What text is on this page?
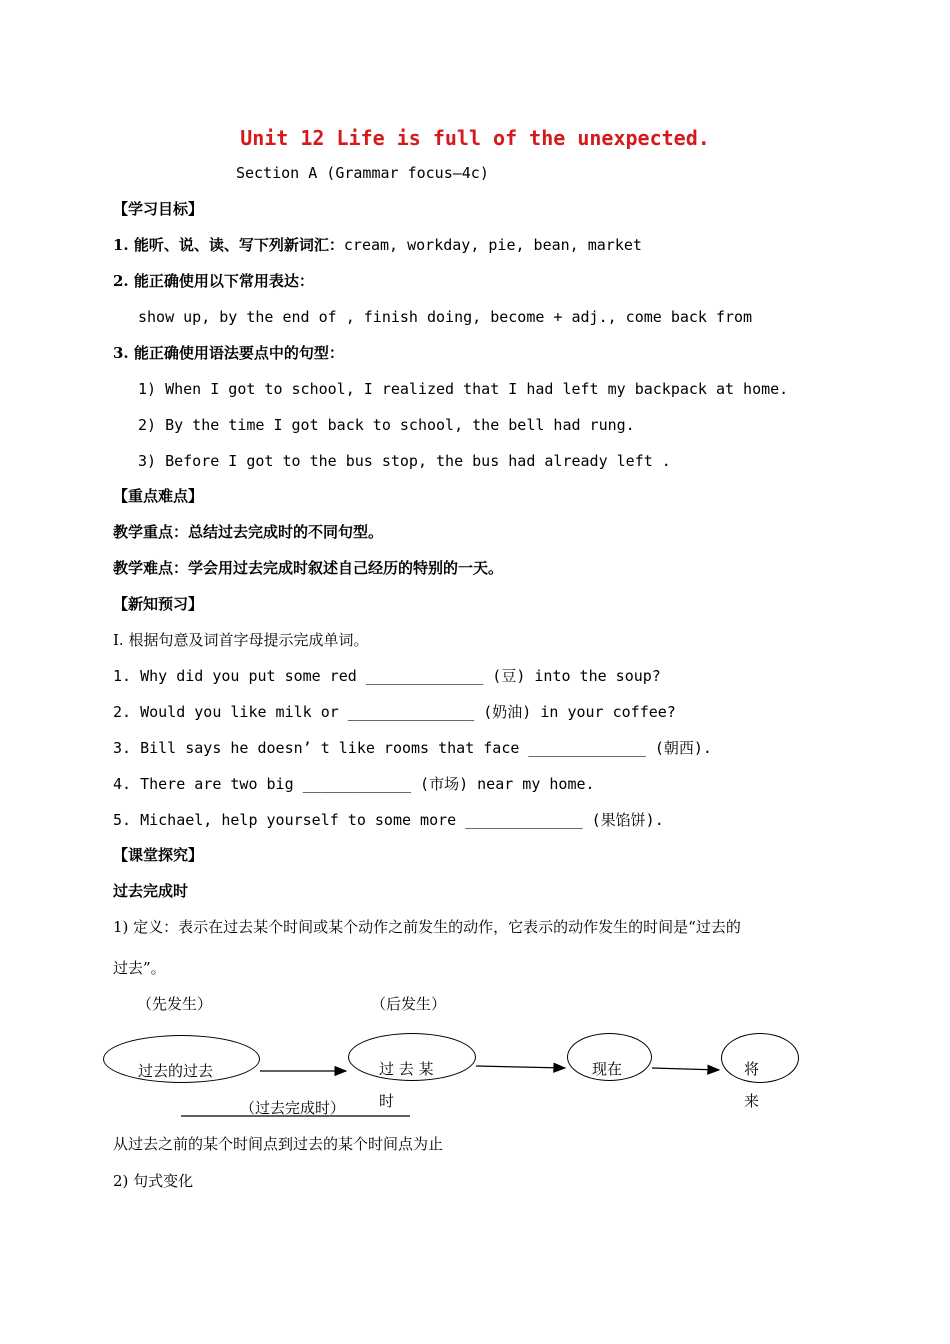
Unit 12 Life is full of the unexpected.
Section A (Grammar focus—4c)
【学习目标】
1. 能听、说、读、写下列新词汇：cream, workday, pie, bean, market
2. 能正确使用以下常用表达：
show up, by the end of , finish doing, become + adj., come back from
3. 能正确使用语法要点中的句型：
1) When I got to school, I realized that I had left my backpack at home.
2) By the time I got back to school, the bell had rung.
3) Before I got to the bus stop, the bus had already left .
【重点难点】
教学重点：总结过去完成时的不同句型。
教学难点：学会用过去完成时叙述自己经历的特别的一天。
【新知预习】
I. 根据句意及词首字母提示完成单词。
1. Why did you put some red _____________ (豆) into the soup?
2. Would you like milk or ______________ (奶油) in your coffee?
3. Bill says he doesn’ t like rooms that face _____________ (朝西).
4. There are two big ____________ (市场) near my home.
5. Michael, help yourself to some more _____________ (果馅饼).
【课堂探究】
过去完成时
1) 定义：表示在过去某个时间或某个动作之前发生的动作，它表示的动作发生的时间是“过去的
过去”。
（先发生）	（后发生）
过去的过去	过 去 某
时
现在	将
来
（过去完成时）
从过去之前的某个时间点到过去的某个时间点为止
2) 句式变化
